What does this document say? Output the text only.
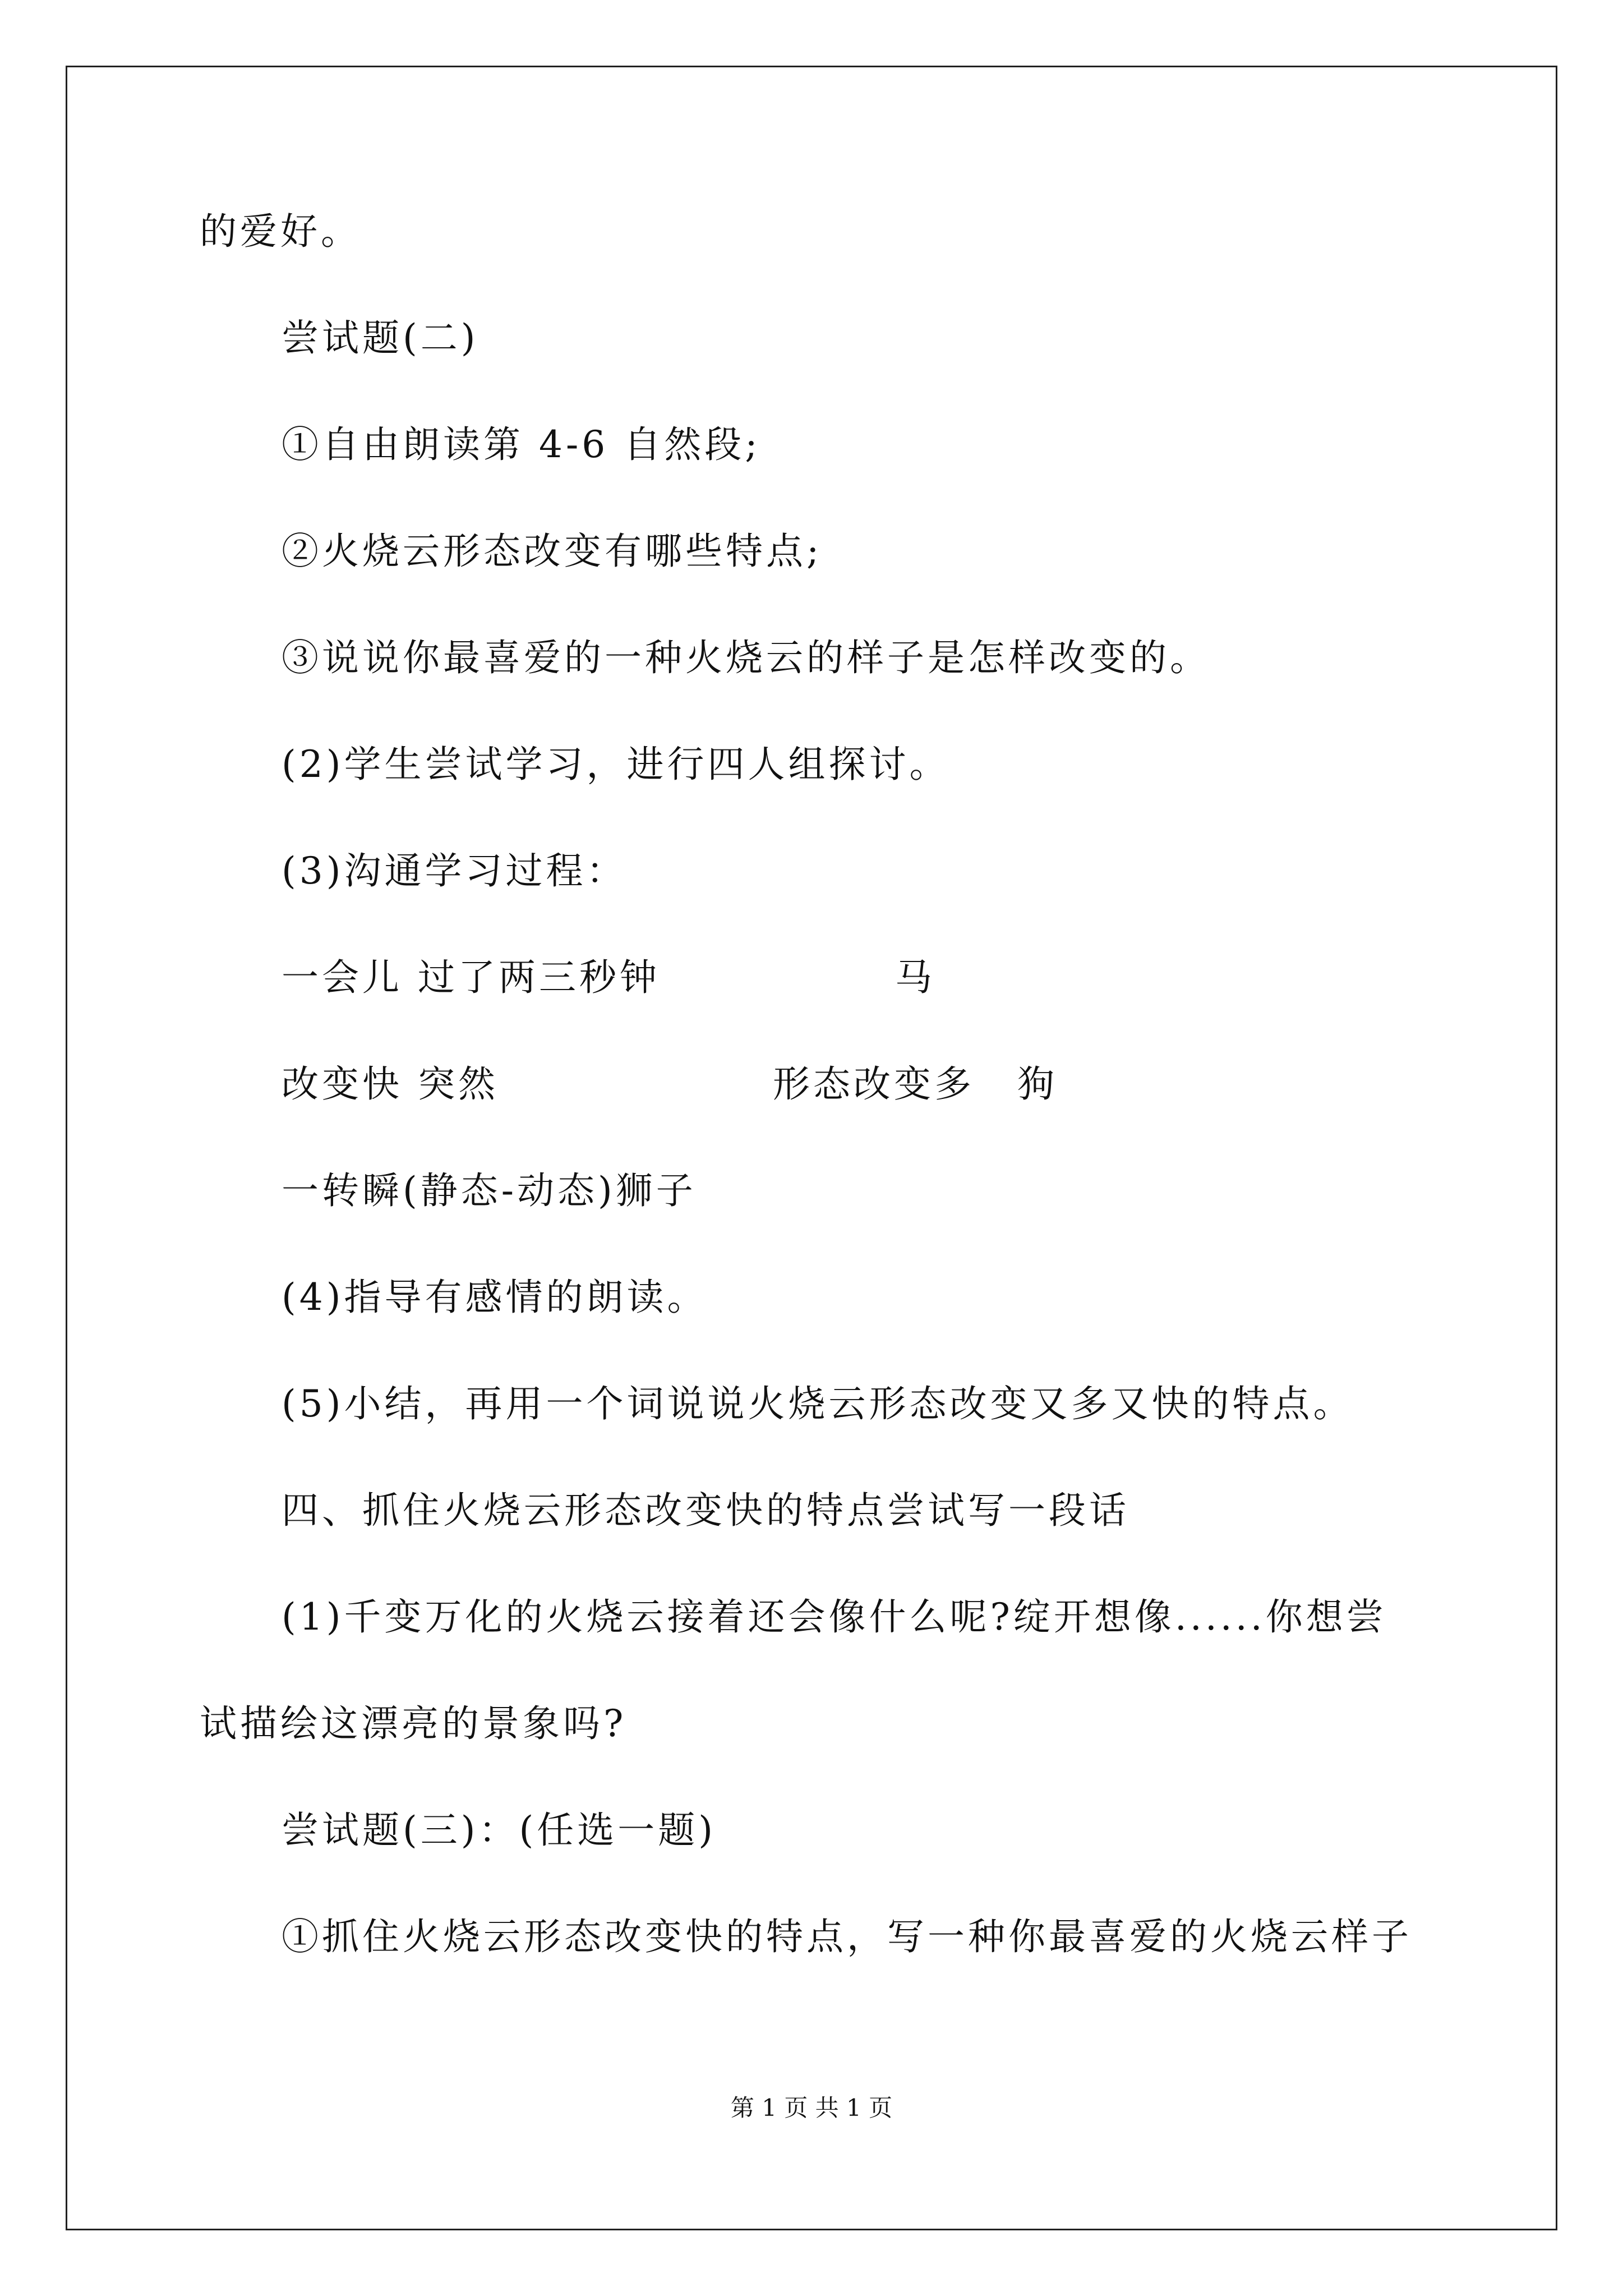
的爱好。
尝试题(二)
①自由朗读第 4-6 自然段;
②火烧云形态改变有哪些特点;
③说说你最喜爱的一种火烧云的样子是怎样改变的。
(2)学生尝试学习，进行四人组探讨。
(3)沟通学习过程：
一会儿 过了两三秒钟	马
改变快 突然	形态改变多 狗
一转瞬(静态-动态)狮子
(4)指导有感情的朗读。
(5)小结，再用一个词说说火烧云形态改变又多又快的特点。
四、抓住火烧云形态改变快的特点尝试写一段话
(1)千变万化的火烧云接着还会像什么呢?绽开想像......你想尝
试描绘这漂亮的景象吗?
尝试题(三)：(任选一题)
①抓住火烧云形态改变快的特点，写一种你最喜爱的火烧云样子
第 1 页 共 1 页
